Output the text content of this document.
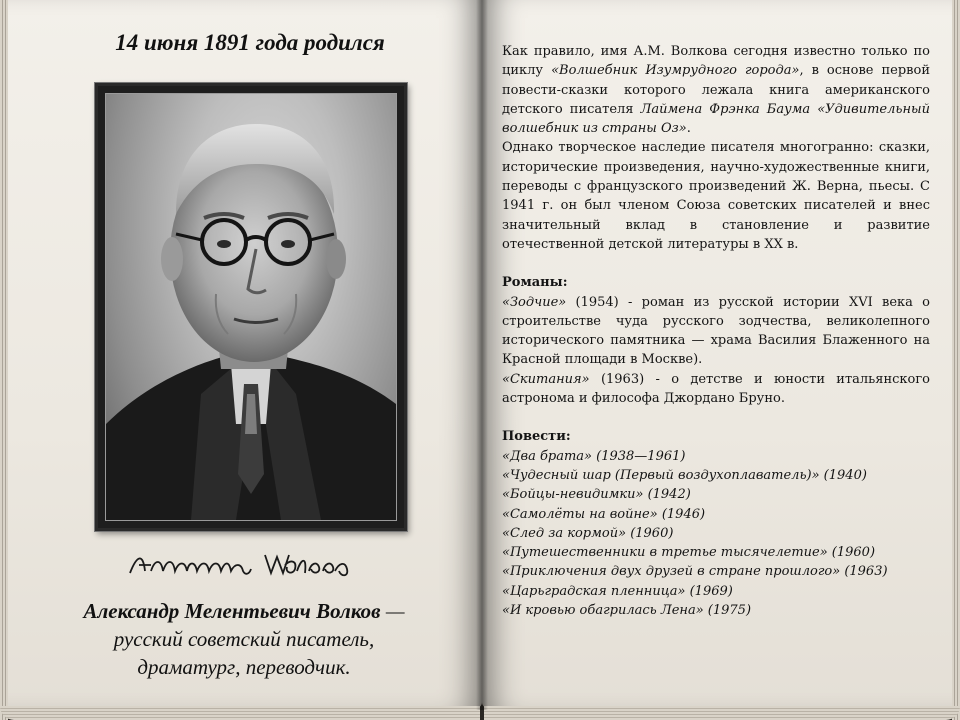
14 июня 1891 года родился
Александр Мелентьевич Волков —
русский советский писатель,
драматург, переводчик.

Как правило, имя А.М. Волкова сегодня известно только по циклу «Волшебник Изумрудного города», в основе первой повести-сказки которого лежала книга американского детского писателя Лаймена Фрэнка Баума «Удивительный волшебник из страны Оз».

Однако творческое наследие писателя многогранно: сказки, исторические произведения, научно-художественные книги, переводы с французского произведений Ж. Верна, пьесы. С 1941 г. он был членом Союза советских писателей и внес значительный вклад в становление и развитие отечественной детской литературы в XX в.

Романы:

«Зодчие» (1954) - роман из русской истории XVI века о строительстве чуда русского зодчества, великолепного исторического памятника — храма Василия Блаженного на Красной площади в Москве).

«Скитания» (1963) - о детстве и юности итальянского астронома и философа Джордано Бруно.

Повести:

«Два брата» (1938—1961)

«Чудесный шар (Первый воздухоплаватель)» (1940)

«Бойцы-невидимки» (1942)

«Самолёты на войне» (1946)

«След за кормой» (1960)

«Путешественники в третье тысячелетие» (1960)

«Приключения двух друзей в стране прошлого» (1963)

«Царьградская пленница» (1969)

«И кровью обагрилась Лена» (1975)
